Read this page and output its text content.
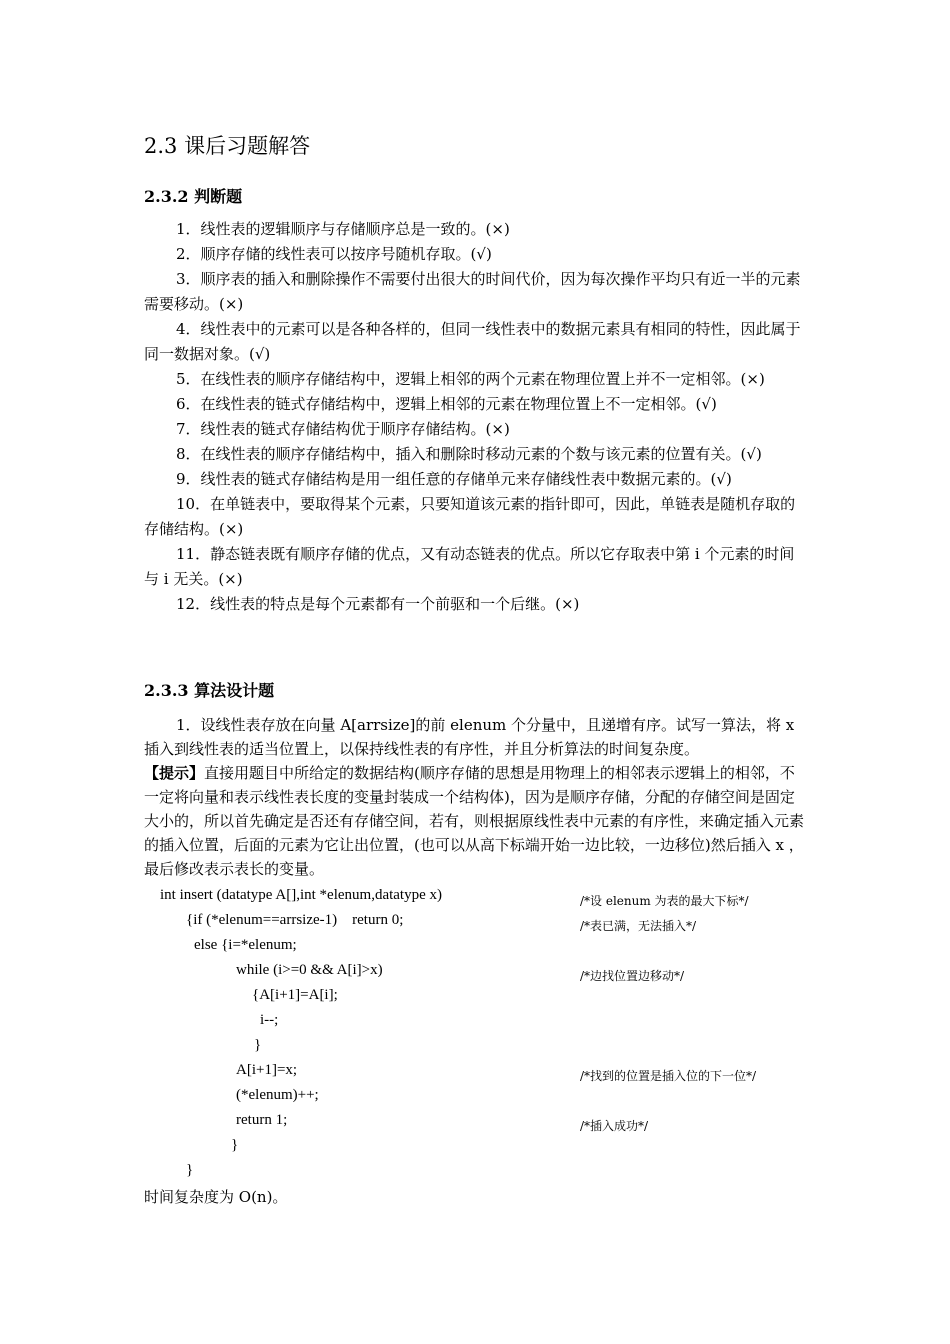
2.3 课后习题解答
2.3.2 判断题

1．线性表的逻辑顺序与存储顺序总是一致的。(×)

2．顺序存储的线性表可以按序号随机存取。(√)

3．顺序表的插入和删除操作不需要付出很大的时间代价，因为每次操作平均只有近一半的元素需要移动。(×)

4．线性表中的元素可以是各种各样的，但同一线性表中的数据元素具有相同的特性，因此属于同一数据对象。(√)

5．在线性表的顺序存储结构中，逻辑上相邻的两个元素在物理位置上并不一定相邻。(×)

6．在线性表的链式存储结构中，逻辑上相邻的元素在物理位置上不一定相邻。(√)

7．线性表的链式存储结构优于顺序存储结构。(×)

8．在线性表的顺序存储结构中，插入和删除时移动元素的个数与该元素的位置有关。(√)

9．线性表的链式存储结构是用一组任意的存储单元来存储线性表中数据元素的。(√)

10．在单链表中，要取得某个元素，只要知道该元素的指针即可，因此，单链表是随机存取的存储结构。(×)

11．静态链表既有顺序存储的优点，又有动态链表的优点。所以它存取表中第 i 个元素的时间与 i 无关。(×)

12．线性表的特点是每个元素都有一个前驱和一个后继。(×)

2.3.3 算法设计题
1．设线性表存放在向量 A[arrsize]的前 elenum 个分量中，且递增有序。试写一算法，将 x 插入到线性表的适当位置上，以保持线性表的有序性，并且分析算法的时间复杂度。
【提示】直接用题目中所给定的数据结构(顺序存储的思想是用物理上的相邻表示逻辑上的相邻，不一定将向量和表示线性表长度的变量封装成一个结构体)，因为是顺序存储，分配的存储空间是固定大小的，所以首先确定是否还有存储空间，若有，则根据原线性表中元素的有序性，来确定插入元素的插入位置，后面的元素为它让出位置，(也可以从高下标端开始一边比较，一边移位)然后插入 x ，最后修改表示表长的变量。
int insert (datatype A[],int *elenum,datatype x)
{if (*elenum==arrsize-1)    return 0;
else {i=*elenum;
while (i>=0 && A[i]>x)
{A[i+1]=A[i];
i--;
}
A[i+1]=x;
(*elenum)++;
return 1;
}
}
/*设 elenum 为表的最大下标*/
/*表已满，无法插入*/
/*边找位置边移动*/
/*找到的位置是插入位的下一位*/
/*插入成功*/
时间复杂度为 O(n)。
